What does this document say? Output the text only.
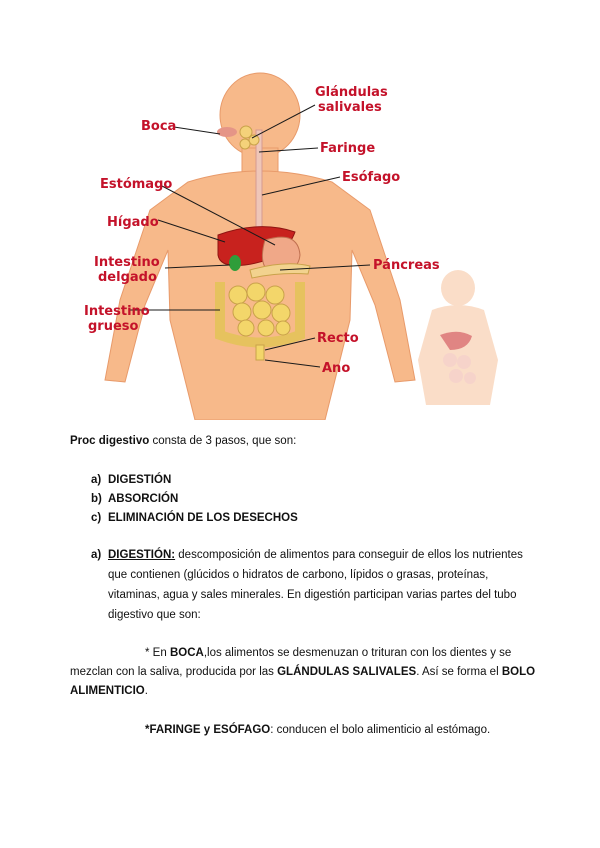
Glándulas
salivales
Boca
Faringe
Esófago
Estómago
Hígado
Intestino
delgado
Páncreas
Intestino
grueso
Recto
Ano
Proc digestivo consta de 3 pasos, que son:
a) DIGESTIÓN
b) ABSORCIÓN
c) ELIMINACIÓN DE LOS DESECHOS
a) DIGESTIÓN: descomposición de alimentos para conseguir de ellos los nutrientes
que contienen (glúcidos o hidratos de carbono, lípidos o grasas, proteínas,
vitaminas, agua y sales minerales. En digestión participan varias partes del tubo
digestivo que son:
* En BOCA,los alimentos se desmenuzan o trituran con los dientes y se
mezclan con la saliva, producida por las GLÁNDULAS SALIVALES. Así se forma el BOLO
ALIMENTICIO.
*FARINGE y ESÓFAGO: conducen el bolo alimenticio al estómago.
